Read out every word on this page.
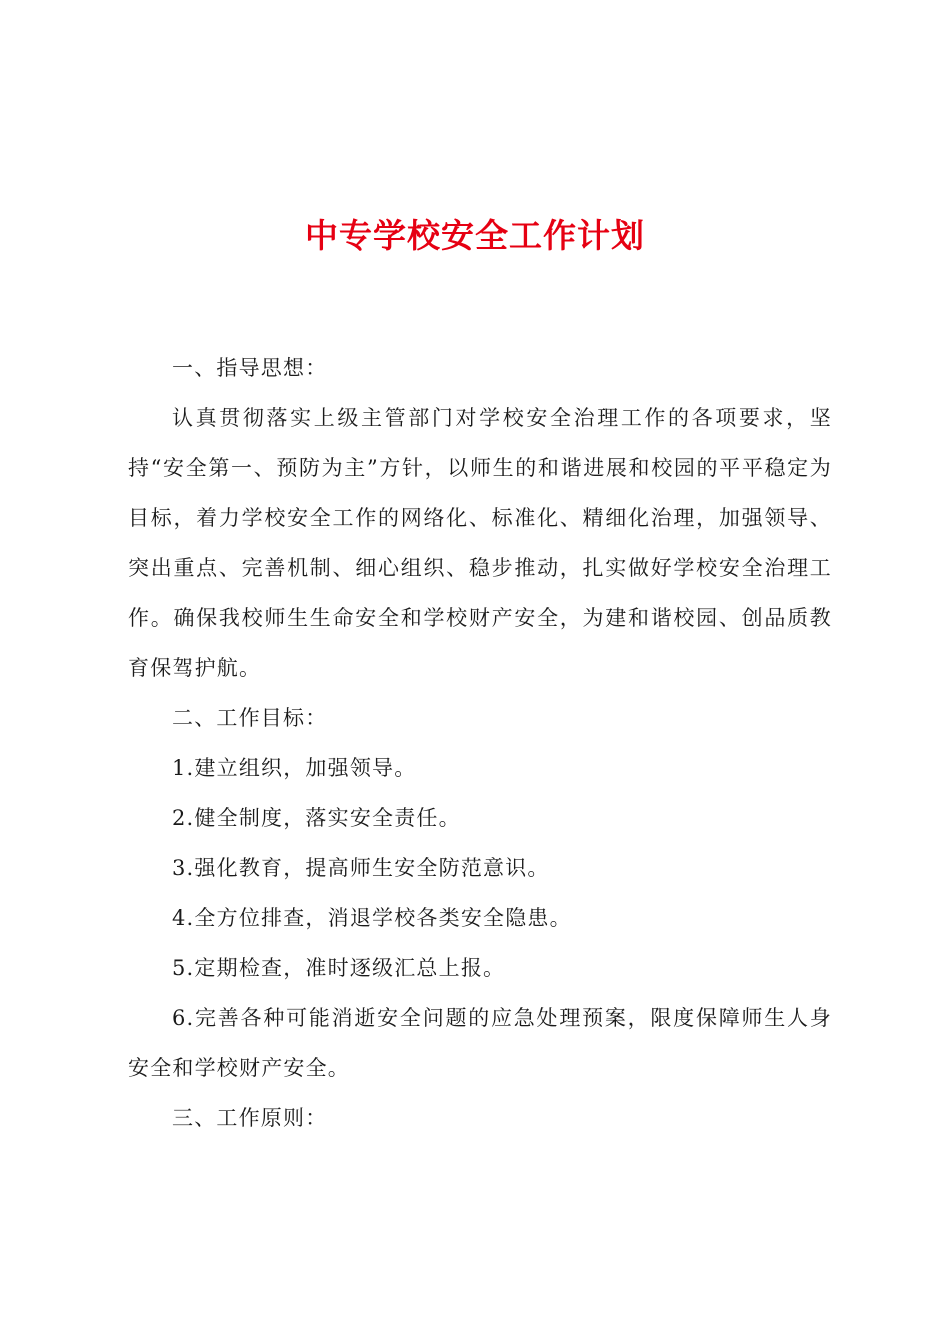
中专学校安全工作计划

一、指导思想：

认真贯彻落实上级主管部门对学校安全治理工作的各项要求，坚持“安全第一、预防为主”方针，以师生的和谐进展和校园的平平稳定为目标，着力学校安全工作的网络化、标准化、精细化治理，加强领导、突出重点、完善机制、细心组织、稳步推动，扎实做好学校安全治理工作。确保我校师生生命安全和学校财产安全，为建和谐校园、创品质教育保驾护航。

二、工作目标：

1.建立组织，加强领导。

2.健全制度，落实安全责任。

3.强化教育，提高师生安全防范意识。

4.全方位排查，消退学校各类安全隐患。

5.定期检查，准时逐级汇总上报。

6.完善各种可能消逝安全问题的应急处理预案，限度保障师生人身安全和学校财产安全。

三、工作原则：
